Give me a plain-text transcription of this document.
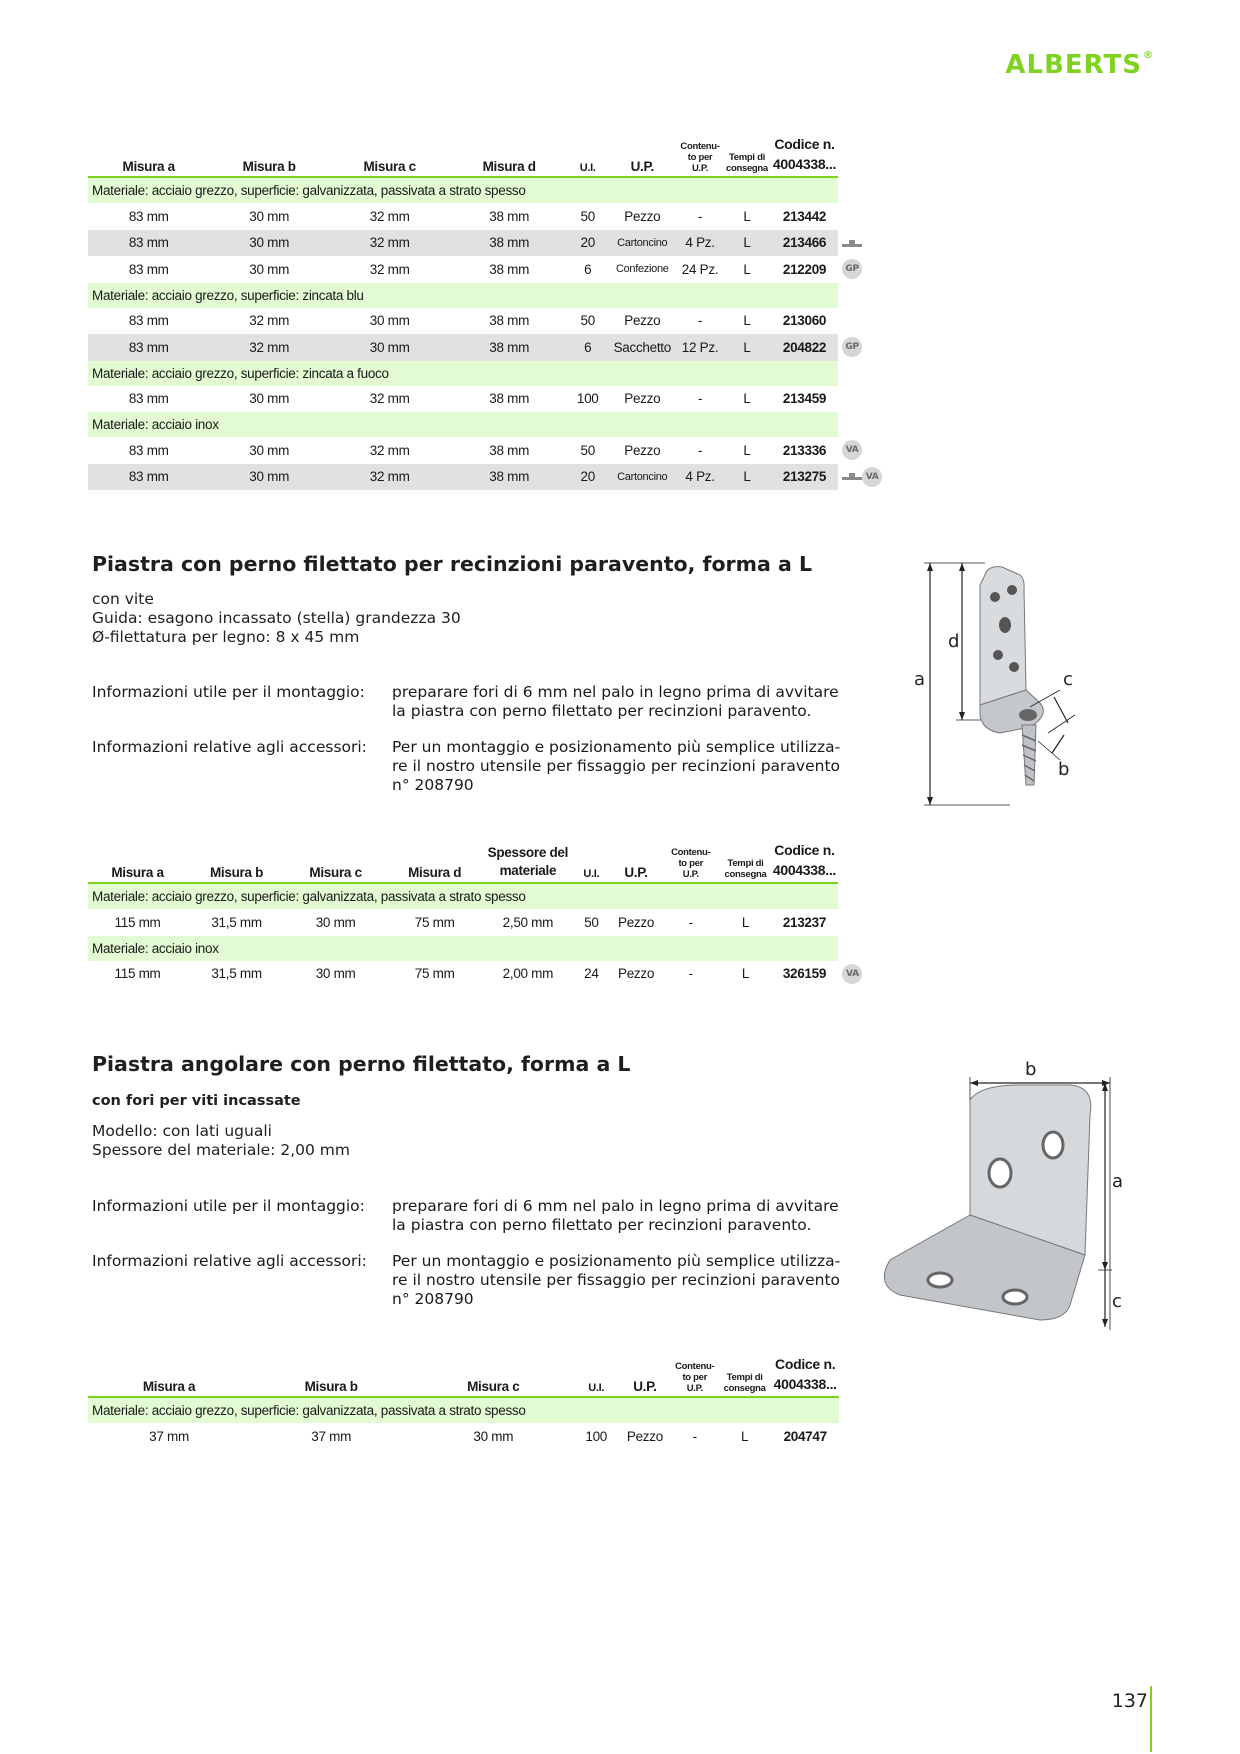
ALBERTS®
Misura a	Misura b	Misura c	Misura d	U.I.	U.P.	Contenu-
to per
U.P.	Tempi di
consegna	Codice n.
4004338...	
Materiale: acciaio grezzo, superficie: galvanizzata, passivata a strato spesso									
83 mm	30 mm	32 mm	38 mm	50	Pezzo	-	L	213442	
83 mm	30 mm	32 mm	38 mm	20	Cartoncino	4 Pz.	L	213466	
83 mm	30 mm	32 mm	38 mm	6	Confezione	24 Pz.	L	212209	GP
Materiale: acciaio grezzo, superficie: zincata blu									
83 mm	32 mm	30 mm	38 mm	50	Pezzo	-	L	213060	
83 mm	32 mm	30 mm	38 mm	6	Sacchetto	12 Pz.	L	204822	GP
Materiale: acciaio grezzo, superficie: zincata a fuoco									
83 mm	30 mm	32 mm	38 mm	100	Pezzo	-	L	213459	
Materiale: acciaio inox									
83 mm	30 mm	32 mm	38 mm	50	Pezzo	-	L	213336	VA
83 mm	30 mm	32 mm	38 mm	20	Cartoncino	4 Pz.	L	213275	VA
Piastra con perno filettato per recinzioni paravento, forma a L

con vite

Guida: esagono incassato (stella) grandezza 30

Ø-filettatura per legno: 8 x 45 mm

Informazioni utile per il montaggio: preparare fori di 6 mm nel palo in legno prima di avvitare la piastra con perno filettato per recinzioni paravento.
Informazioni relative agli accessori: Per un montaggio e posizionamento più semplice utilizza-re il nostro utensile per fissaggio per recinzioni paravento n° 208790
a
d
c
b
Misura a	Misura b	Misura c	Misura d	Spessore del
materiale	U.I.	U.P.	Contenu-
to per
U.P.	Tempi di
consegna	Codice n.
4004338...	
Materiale: acciaio grezzo, superficie: galvanizzata, passivata a strato spesso										
115 mm	31,5 mm	30 mm	75 mm	2,50 mm	50	Pezzo	-	L	213237	
Materiale: acciaio inox										
115 mm	31,5 mm	30 mm	75 mm	2,00 mm	24	Pezzo	-	L	326159	VA
Piastra angolare con perno filettato, forma a L

con fori per viti incassate

Modello: con lati uguali

Spessore del materiale: 2,00 mm

Informazioni utile per il montaggio: preparare fori di 6 mm nel palo in legno prima di avvitare la piastra con perno filettato per recinzioni paravento.
Informazioni relative agli accessori: Per un montaggio e posizionamento più semplice utilizza-re il nostro utensile per fissaggio per recinzioni paravento n° 208790
b
a
c
Misura a	Misura b	Misura c	U.I.	U.P.	Contenu-
to per
U.P.	Tempi di
consegna	Codice n.
4004338...	
Materiale: acciaio grezzo, superficie: galvanizzata, passivata a strato spesso								
37 mm	37 mm	30 mm	100	Pezzo	-	L	204747	
137
